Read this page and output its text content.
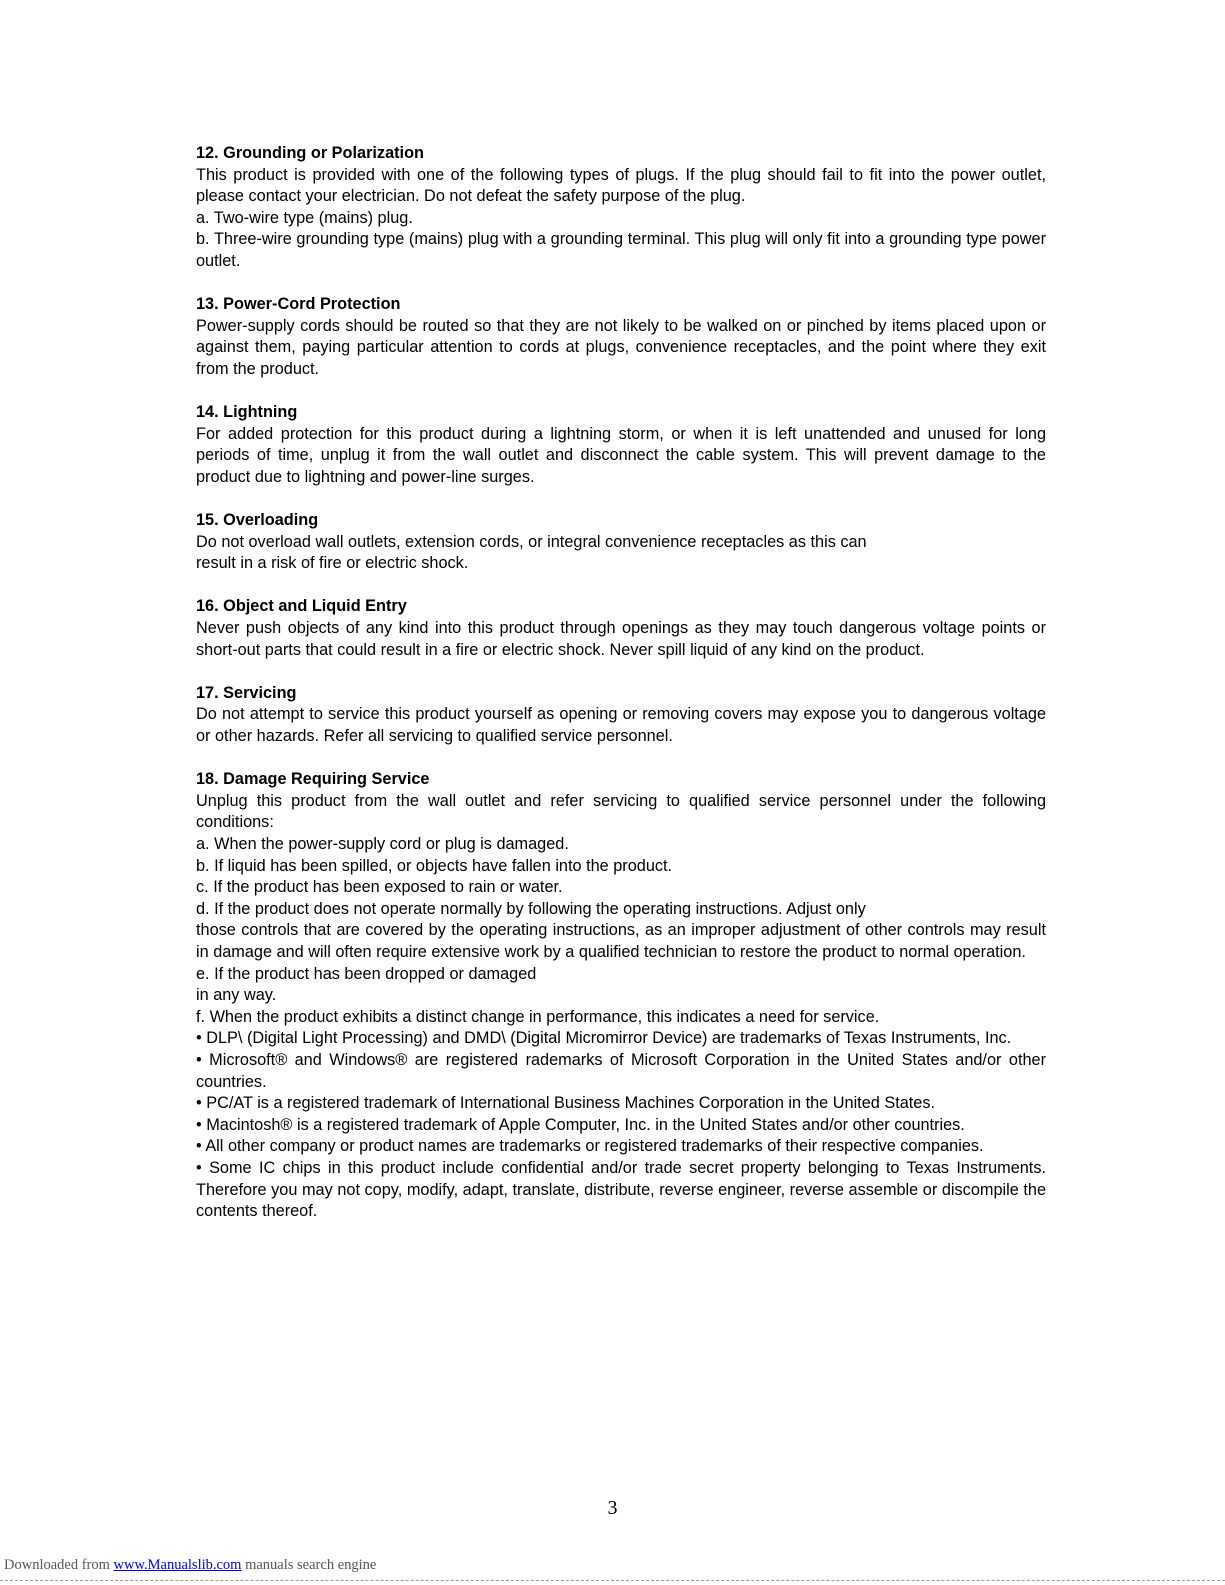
12. Grounding or Polarization

This product is provided with one of the following types of plugs. If the plug should fail to fit into the power outlet, please contact your electrician. Do not defeat the safety purpose of the plug.

a. Two-wire type (mains) plug.

b. Three-wire grounding type (mains) plug with a grounding terminal. This plug will only fit into a grounding type power outlet.

13. Power-Cord Protection

Power-supply cords should be routed so that they are not likely to be walked on or pinched by items placed upon or against them, paying particular attention to cords at plugs, convenience receptacles, and the point where they exit from the product.

14. Lightning

For added protection for this product during a lightning storm, or when it is left unattended and unused for long periods of time, unplug it from the wall outlet and disconnect the cable system. This will prevent damage to the product due to lightning and power-line surges.

15. Overloading

Do not overload wall outlets, extension cords, or integral convenience receptacles as this can

result in a risk of fire or electric shock.

16. Object and Liquid Entry

Never push objects of any kind into this product through openings as they may touch dangerous voltage points or short-out parts that could result in a fire or electric shock. Never spill liquid of any kind on the product.

17. Servicing

Do not attempt to service this product yourself as opening or removing covers may expose you to dangerous voltage or other hazards. Refer all servicing to qualified service personnel.

18. Damage Requiring Service

Unplug this product from the wall outlet and refer servicing to qualified service personnel under the following conditions:

a. When the power-supply cord or plug is damaged.

b. If liquid has been spilled, or objects have fallen into the product.

c. If the product has been exposed to rain or water.

d. If the product does not operate normally by following the operating instructions. Adjust only

those controls that are covered by the operating instructions, as an improper adjustment of other controls may result in damage and will often require extensive work by a qualified technician to restore the product to normal operation.

e. If the product has been dropped or damaged

in any way.

f. When the product exhibits a distinct change in performance, this indicates a need for service.

• DLP\ (Digital Light Processing) and DMD\ (Digital Micromirror Device) are trademarks of Texas Instruments, Inc.

• Microsoft® and Windows® are registered rademarks of Microsoft Corporation in the United States and/or other countries.

• PC/AT is a registered trademark of International Business Machines Corporation in the United States.

• Macintosh® is a registered trademark of Apple Computer, Inc. in the United States and/or other countries.

• All other company or product names are trademarks or registered trademarks of their respective companies.

• Some IC chips in this product include confidential and/or trade secret property belonging to Texas Instruments. Therefore you may not copy, modify, adapt, translate, distribute, reverse engineer, reverse assemble or discompile the contents thereof.

3
Downloaded from www.Manualslib.com manuals search engine
